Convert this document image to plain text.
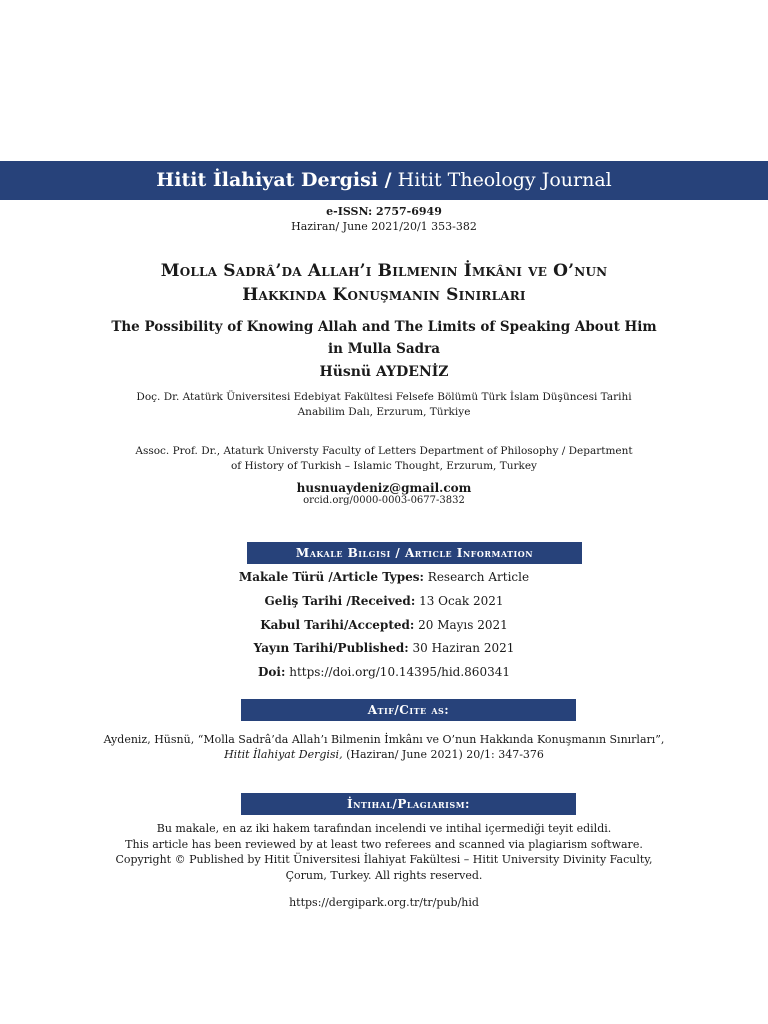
Hitit İlahiyat Dergisi / Hitit Theology Journal
e-ISSN: 2757-6949
Haziran/ June 2021/20/1 353-382
Molla Sadrâ’da Allah’ı Bilmenin İmkânı ve O’nun
Hakkında Konuşmanın Sınırları
The Possibility of Knowing Allah and The Limits of Speaking About Him
in Mulla Sadra
Hüsnü AYDENİZ
Doç. Dr. Atatürk Üniversitesi Edebiyat Fakültesi Felsefe Bölümü Türk İslam Düşüncesi Tarihi
Anabilim Dalı, Erzurum, Türkiye
Assoc. Prof. Dr., Ataturk Universty Faculty of Letters Department of Philosophy / Department
of History of Turkish – Islamic Thought, Erzurum, Turkey
husnuaydeniz@gmail.com
orcid.org/0000-0003-0677-3832
Makale Bilgisi / Article Information
Makale Türü /Article Types: Research Article
Geliş Tarihi /Received: 13 Ocak 2021
Kabul Tarihi/Accepted: 20 Mayıs 2021
Yayın Tarihi/Published: 30 Haziran 2021
Doi: https://doi.org/10.14395/hid.860341
Atıf/Cite as:
Aydeniz, Hüsnü, “Molla Sadrâ’da Allah’ı Bilmenin İmkânı ve O’nun Hakkında Konuşmanın Sınırları”,
Hitit İlahiyat Dergisi, (Haziran/ June 2021) 20/1: 347-376
İntihal/Plagiarism:
Bu makale, en az iki hakem tarafından incelendi ve intihal içermediği teyit edildi.
This article has been reviewed by at least two referees and scanned via plagiarism software.
Copyright © Published by Hitit Üniversitesi İlahiyat Fakültesi – Hitit University Divinity Faculty,
Çorum, Turkey. All rights reserved.
https://dergipark.org.tr/tr/pub/hid
